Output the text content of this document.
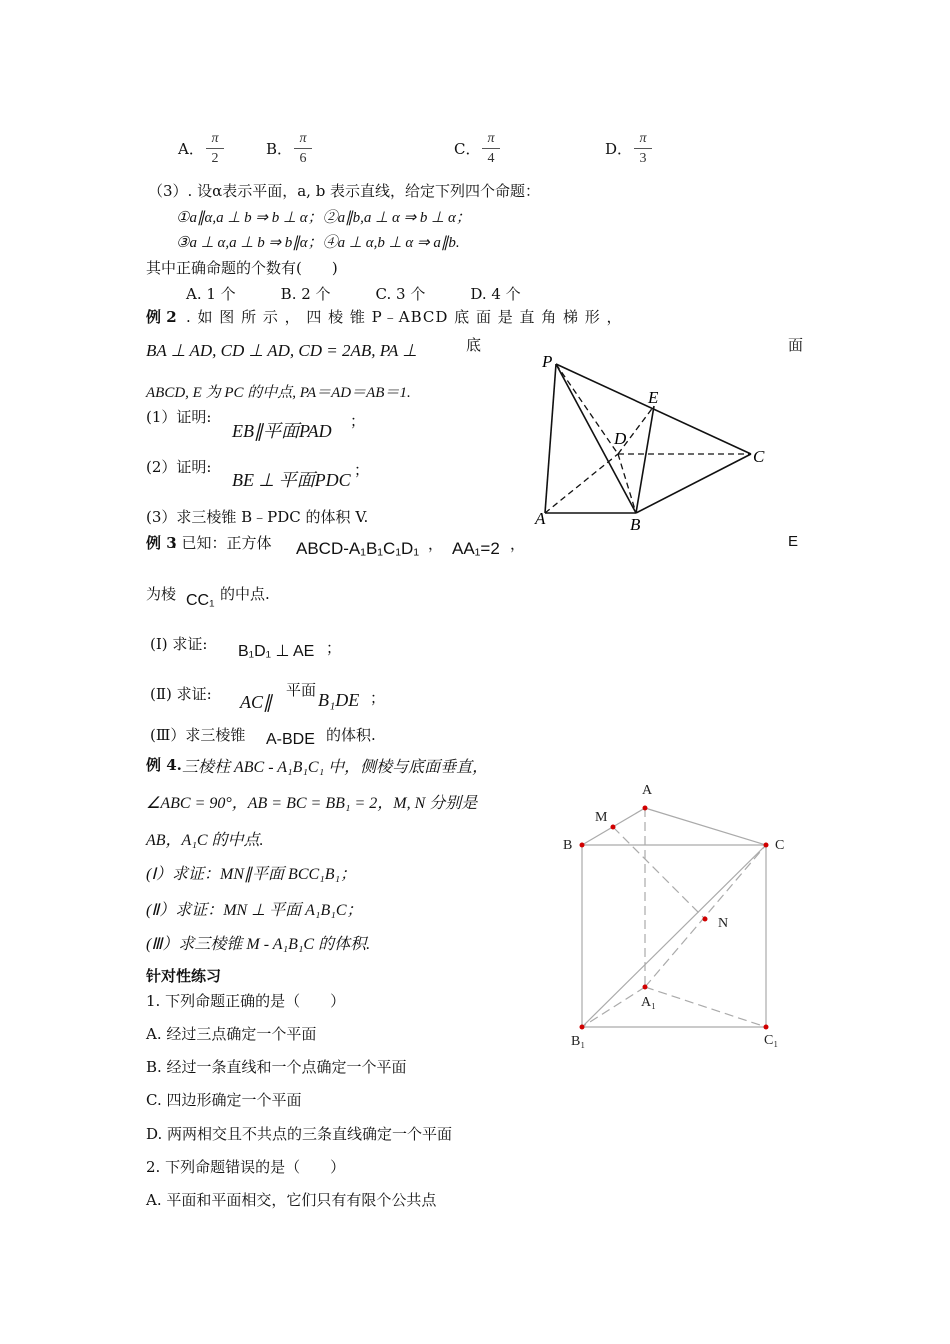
A． $\frac{\pi}{2}$	B． $\frac{\pi}{6}$	C． $\frac{\pi}{4}$	D． $\frac{\pi}{3}$
（3）. 设α表示平面，a, b 表示直线，给定下列四个命题：
①a∥α,a ⊥ b ⇒ b ⊥ α；②a∥b,a ⊥ α ⇒ b ⊥ α；
③a ⊥ α,a ⊥ b ⇒ b∥α；④a ⊥ α,b ⊥ α ⇒ a∥b.
其中正确命题的个数有(　　)
A. 1 个　　　B. 2 个　　　C. 3 个　　　D. 4 个
例 2 . 如 图 所 示 ， 四 棱 锥 P﹣ABCD 底 面 是 直 角 梯 形 ，
BA ⊥ AD, CD ⊥ AD, CD = 2AB, PA ⊥	底	面
ABCD, E 为 PC 的中点, PA＝AD＝AB＝1.
(1）证明:
EB∥平面PAD ；
(2）证明:
BE ⊥ 平面PDC ；
(3）求三棱锥 B﹣PDC 的体积 V.
P
E
D
C
A	B
例 3
. 已知：正方体 ABCD-A₁B₁C₁D₁ ， AA₁=2 ，	E
为棱 CC₁ 的中点.
(Ⅰ) 求证: B₁D₁ ⊥ AE ；
(Ⅱ) 求证: AC∥
平面 B₁DE ；
(Ⅲ）求三棱锥 A-BDE 的体积.
例 4. 三棱柱 ABC - A₁B₁C₁ 中，侧棱与底面垂直，
∠ABC = 90°，AB = BC = BB₁ = 2，M, N 分别是
AB，A₁C 的中点.
(Ⅰ）求证：MN∥平面 BCC₁B₁；
(Ⅱ）求证：MN ⊥ 平面 A₁B₁C；
(Ⅲ）求三棱锥 M - A₁B₁C 的体积.
A
M
B	C
N
A₁
B₁	C₁
针对性练习
1. 下列命题正确的是（　　）
A. 经过三点确定一个平面
B. 经过一条直线和一个点确定一个平面
C. 四边形确定一个平面
D. 两两相交且不共点的三条直线确定一个平面
2. 下列命题错误的是（　　）
A. 平面和平面相交，它们只有有限个公共点
